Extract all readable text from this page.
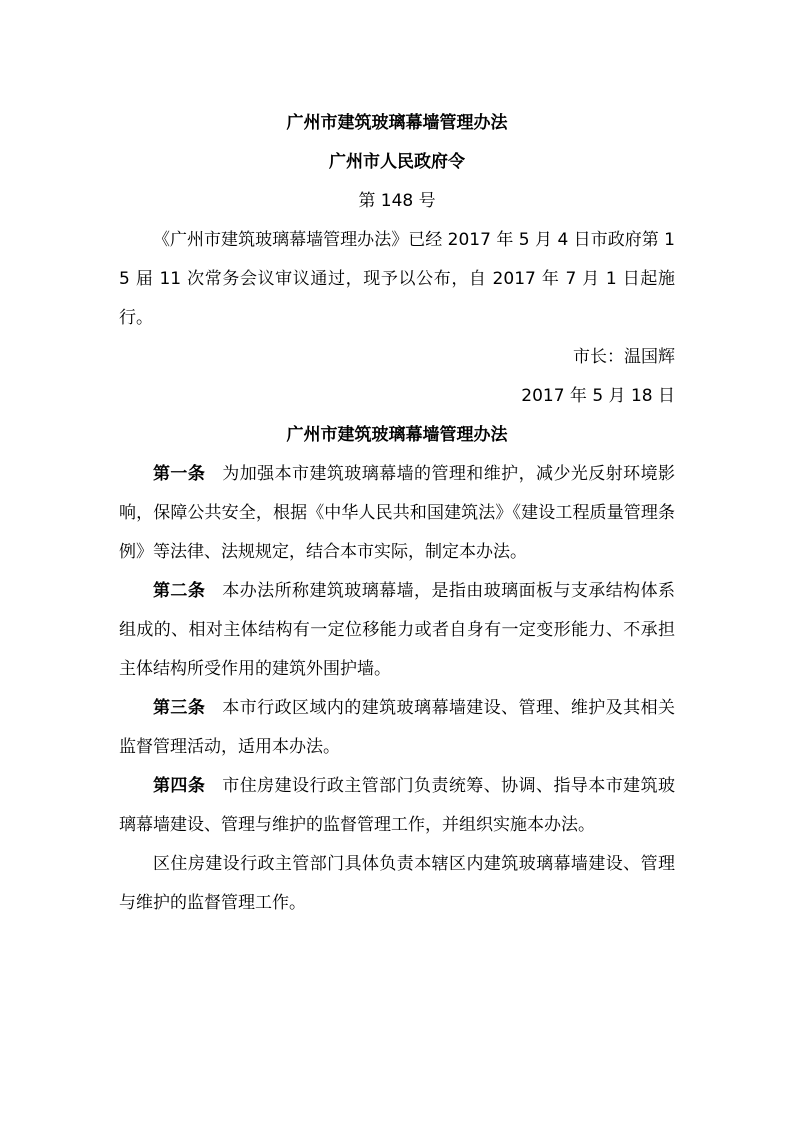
广州市建筑玻璃幕墙管理办法
广州市人民政府令
第 148 号
《广州市建筑玻璃幕墙管理办法》已经 2017 年 5 月 4 日市政府第 15 届 11 次常务会议审议通过，现予以公布，自 2017 年 7 月 1 日起施行。
市长：温国辉
2017 年 5 月 18 日
广州市建筑玻璃幕墙管理办法
第一条 为加强本市建筑玻璃幕墙的管理和维护，减少光反射环境影响，保障公共安全，根据《中华人民共和国建筑法》《建设工程质量管理条例》等法律、法规规定，结合本市实际，制定本办法。
第二条 本办法所称建筑玻璃幕墙，是指由玻璃面板与支承结构体系组成的、相对主体结构有一定位移能力或者自身有一定变形能力、不承担主体结构所受作用的建筑外围护墙。
第三条 本市行政区域内的建筑玻璃幕墙建设、管理、维护及其相关监督管理活动，适用本办法。
第四条 市住房建设行政主管部门负责统筹、协调、指导本市建筑玻璃幕墙建设、管理与维护的监督管理工作，并组织实施本办法。
区住房建设行政主管部门具体负责本辖区内建筑玻璃幕墙建设、管理与维护的监督管理工作。
